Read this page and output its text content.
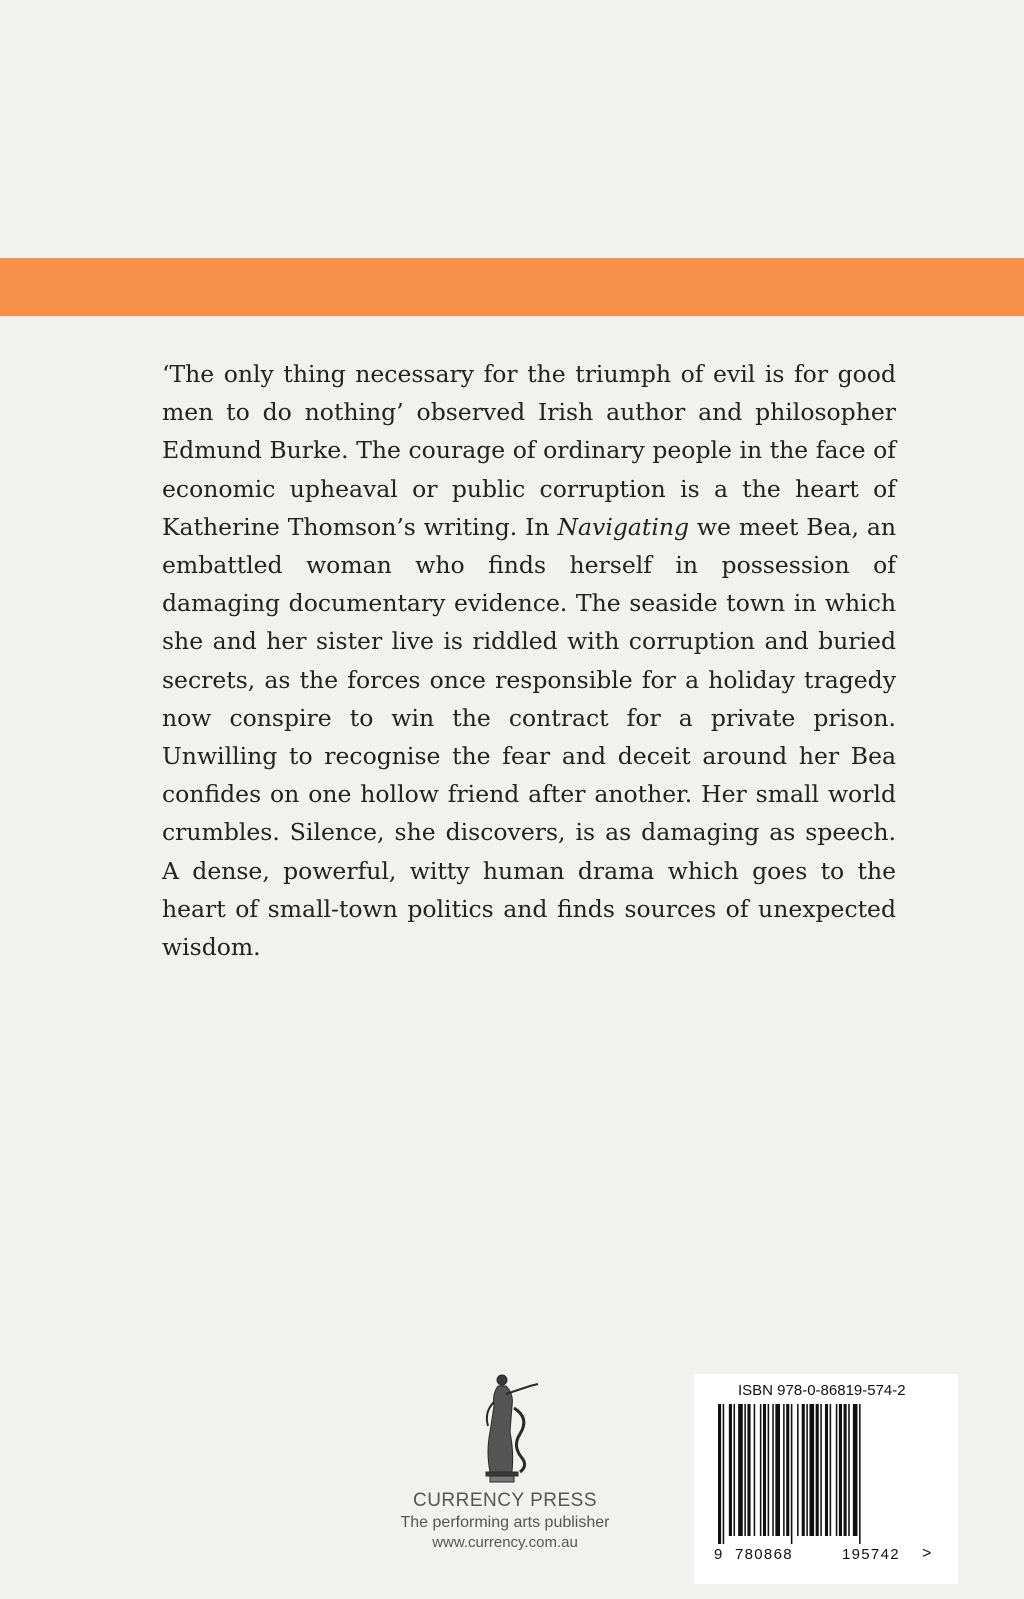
‘The only thing necessary for the triumph of evil is for good men to do nothing’ observed Irish author and philosopher Edmund Burke. The courage of ordinary people in the face of economic upheaval or public corruption is a the heart of Katherine Thomson’s writing. In Navigating we meet Bea, an embattled woman who finds herself in possession of damaging documentary evidence. The seaside town in which she and her sister live is riddled with corruption and buried secrets, as the forces once responsible for a holiday tragedy now conspire to win the contract for a private prison. Unwilling to recognise the fear and deceit around her Bea confides on one hollow friend after another. Her small world crumbles. Silence, she discovers, is as damaging as speech. A dense, powerful, witty human drama which goes to the heart of small-town politics and finds sources of unexpected wisdom.

CURRENCY PRESS
The performing arts publisher
www.currency.com.au
ISBN 978-0-86819-574-2
9 780868	195742 >
